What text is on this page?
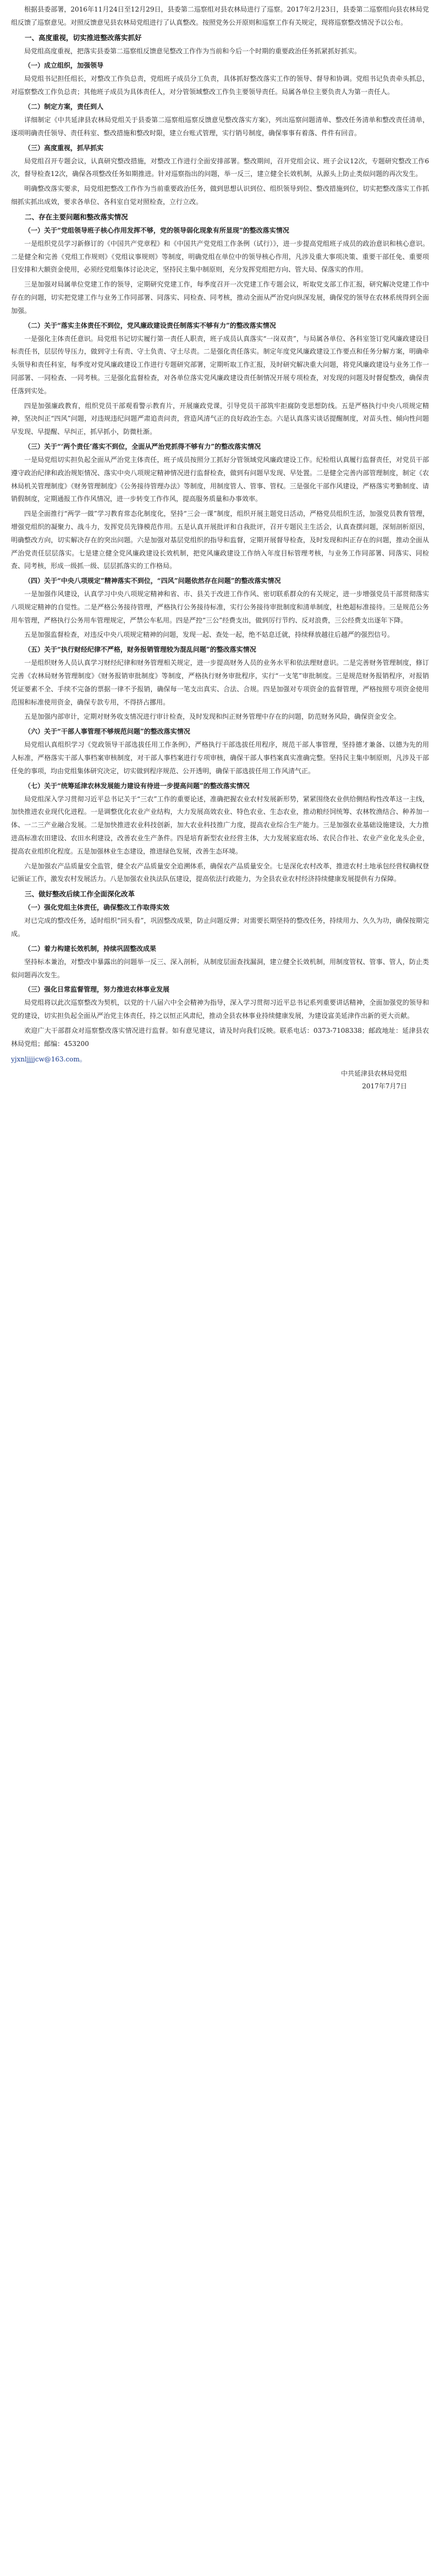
根据县委部署，2016年11月24日至12月29日，县委第二巡察组对县农林局进行了巡察。2017年2月23日，县委第二巡察组向县农林局党组反馈了巡察意见。对照反馈意见县农林局党组进行了认真整改。按照党务公开原则和巡察工作有关规定，现将巡察整改情况予以公布。

一、高度重视，切实推进整改落实抓好

局党组高度重视，把落实县委第二巡察组反馈意见整改工作作为当前和今后一个时期的重要政治任务抓紧抓好抓实。

（一）成立组织，加强领导

局党组书记担任组长，对整改工作负总责，党组班子成员分工负责，具体抓好整改落实工作的领导、督导和协调。党组书记负责牵头抓总，对巡察整改工作负总责；其他班子成员为具体责任人，对分管领域整改工作负主要领导责任。局属各单位主要负责人为第一责任人。

（二）制定方案，责任到人

详细制定《中共延津县农林局党组关于县委第二巡察组巡察反馈意见整改落实方案》，列出巡察问题清单、整改任务清单和整改责任清单，逐项明确责任领导、责任科室、整改措施和整改时限，建立台账式管理，实行销号制度，确保事事有着落、件件有回音。

（三）高度重视，抓早抓实

局党组召开专题会议，认真研究整改措施，对整改工作进行全面安排部署。整改期间，召开党组会议、班子会议12次，专题研究整改工作6次，督导检查12次，确保各项整改任务如期推进。针对巡察指出的问题，举一反三，建立健全长效机制，从源头上防止类似问题的再次发生。

明确整改落实要求，局党组把整改工作作为当前重要政治任务，做到思想认识到位、组织领导到位、整改措施到位，切实把整改落实工作抓细抓实抓出成效，要求各单位、各科室自觉对照检查，立行立改。

二、存在主要问题和整改落实情况
（一）关于“党组领导班子核心作用发挥不够，党的领导弱化现象有所显现”的整改落实情况

一是组织党员学习新修订的《中国共产党章程》和《中国共产党党组工作条例（试行）》，进一步提高党组班子成员的政治意识和核心意识。二是健全和完善《党组工作规则》《党组议事规则》等制度，明确党组在单位中的领导核心作用，凡涉及重大事项决策、重要干部任免、重要项目安排和大额资金使用，必须经党组集体讨论决定，坚持民主集中制原则，充分发挥党组把方向、管大局、保落实的作用。

三是加强对局属单位党建工作的领导，定期研究党建工作，每季度召开一次党建工作专题会议，听取党支部工作汇报，研究解决党建工作中存在的问题，切实把党建工作与业务工作同部署、同落实、同检查、同考核，推动全面从严治党向纵深发展，确保党的领导在农林系统得到全面加强。

（二）关于“落实主体责任不到位，党风廉政建设责任制落实不够有力”的整改落实情况

一是强化主体责任意识。局党组书记切实履行第一责任人职责，班子成员认真落实“一岗双责”，与局属各单位、各科室签订党风廉政建设目标责任书，层层传导压力，做到守土有责、守土负责、守土尽责。二是强化责任落实。制定年度党风廉政建设工作要点和任务分解方案，明确牵头领导和责任科室，每季度对党风廉政建设工作进行专题研究部署，定期听取工作汇报，及时研究解决重大问题，将党风廉政建设与业务工作一同部署、一同检查、一同考核。三是强化监督检查，对各单位落实党风廉政建设责任制情况开展专项检查，对发现的问题及时督促整改，确保责任落到实处。

四是加强廉政教育，组织党员干部观看警示教育片，开展廉政党课，引导党员干部筑牢拒腐防变思想防线。五是严格执行中央八项规定精神，坚决纠正“四风”问题，对违规违纪问题严肃追责问责，营造风清气正的良好政治生态。六是认真落实谈话提醒制度，对苗头性、倾向性问题早发现、早提醒、早纠正，抓早抓小，防微杜渐。

（三）关于“‘两个责任’落实不到位，全面从严治党抓得不够有力”的整改落实情况

一是局党组切实担负起全面从严治党主体责任，班子成员按照分工抓好分管领域党风廉政建设工作。纪检组认真履行监督责任，对党员干部遵守政治纪律和政治规矩情况、落实中央八项规定精神情况进行监督检查，做到有问题早发现、早处置。二是健全完善内部管理制度，制定《农林局机关管理制度》《财务管理制度》《公务接待管理办法》等制度，用制度管人、管事、管权。三是强化干部作风建设，严格落实考勤制度、请销假制度，定期通报工作作风情况，进一步转变工作作风，提高服务质量和办事效率。

四是全面推行“两学一做”学习教育常态化制度化，坚持“三会一课”制度，组织开展主题党日活动，严格党员组织生活，加强党员教育管理，增强党组织的凝聚力、战斗力，发挥党员先锋模范作用。五是认真开展批评和自我批评，召开专题民主生活会，认真查摆问题，深刻剖析原因，明确整改方向，切实解决存在的突出问题。六是加强对基层党组织的指导和监督，定期开展督导检查，及时发现和纠正存在的问题，推动全面从严治党责任层层落实。七是建立健全党风廉政建设长效机制，把党风廉政建设工作纳入年度目标管理考核，与业务工作同部署、同落实、同检查、同考核，形成一级抓一级、层层抓落实的工作格局。

（四）关于“中央八项规定”精神落实不到位，“四风”问题依然存在问题”的整改落实情况

一是加强作风建设，认真学习中央八项规定精神和省、市、县关于改进工作作风、密切联系群众的有关规定，进一步增强党员干部贯彻落实八项规定精神的自觉性。二是严格公务接待管理，严格执行公务接待标准，实行公务接待审批制度和清单制度，杜绝超标准接待。三是规范公务用车管理，严格执行公务用车管理规定，严禁公车私用。四是严控“三公”经费支出，做到厉行节约、反对浪费，三公经费支出逐年下降。

五是加强监督检查，对违反中央八项规定精神的问题，发现一起、查处一起，绝不姑息迁就，持续释放越往后越严的强烈信号。

（五）关于“执行财经纪律不严格，财务报销管理较为混乱问题”的整改落实情况

一是组织财务人员认真学习财经纪律和财务管理相关规定，进一步提高财务人员的业务水平和依法理财意识。二是完善财务管理制度，修订完善《农林局财务管理制度》《财务报销审批制度》等制度，严格执行财务审批程序，实行“一支笔”审批制度。三是规范财务报销程序，对报销凭证要素不全、手续不完备的票据一律不予报销，确保每一笔支出真实、合法、合规。四是加强对专项资金的监督管理，严格按照专项资金使用范围和标准使用资金，确保专款专用，不得挤占挪用。

五是加强内部审计，定期对财务收支情况进行审计检查，及时发现和纠正财务管理中存在的问题，防范财务风险，确保资金安全。

（六）关于“干部人事管理不够规范问题”的整改落实情况

局党组认真组织学习《党政领导干部选拔任用工作条例》，严格执行干部选拔任用程序，规范干部人事管理，坚持德才兼备、以德为先的用人标准，严格落实干部人事档案审核制度，对干部人事档案进行专项审核，确保干部人事档案真实准确完整。坚持民主集中制原则，凡涉及干部任免的事项，均由党组集体研究决定，切实做到程序规范、公开透明，确保干部选拔任用工作风清气正。

（七）关于“统筹延津农林发展能力建设有待进一步提高问题”的整改落实情况

局党组深入学习贯彻习近平总书记关于“三农”工作的重要论述，准确把握农业农村发展新形势，紧紧围绕农业供给侧结构性改革这一主线，加快推进农业现代化进程。一是调整优化农业产业结构，大力发展高效农业、特色农业、生态农业，推动粮经饲统筹、农林牧渔结合、种养加一体、一二三产业融合发展。二是加快推进农业科技创新，加大农业科技推广力度，提高农业综合生产能力。三是加强农业基础设施建设，大力推进高标准农田建设、农田水利建设，改善农业生产条件。四是培育新型农业经营主体，大力发展家庭农场、农民合作社、农业产业化龙头企业，提高农业组织化程度。五是加强林业生态建设，推进绿色发展，改善生态环境。

六是加强农产品质量安全监管，健全农产品质量安全追溯体系，确保农产品质量安全。七是深化农村改革，推进农村土地承包经营权确权登记颁证工作，激发农村发展活力。八是加强农业执法队伍建设，提高依法行政能力，为全县农业农村经济持续健康发展提供有力保障。

三、做好整改后续工作全面深化改革
（一）强化党组主体责任，确保整改工作取得实效

对已完成的整改任务，适时组织“回头看”，巩固整改成果，防止问题反弹；对需要长期坚持的整改任务，持续用力、久久为功，确保按期完成。

（二）着力构建长效机制，持续巩固整改成果

坚持标本兼治，对整改中暴露出的问题举一反三、深入剖析，从制度层面查找漏洞，建立健全长效机制，用制度管权、管事、管人，防止类似问题再次发生。

（三）强化日常监督管理，努力推进农林事业发展

局党组将以此次巡察整改为契机，以党的十八届六中全会精神为指导，深入学习贯彻习近平总书记系列重要讲话精神，全面加强党的领导和党的建设，切实担负起全面从严治党主体责任，持之以恒正风肃纪，推动全县农林事业持续健康发展，为建设富美延津作出新的更大贡献。

欢迎广大干部群众对巡察整改落实情况进行监督。如有意见建议，请及时向我们反映。联系电话：0373-7108338；邮政地址：延津县农林局党组；邮编：453200

yjxnljjjjcw@163.com。

中共延津县农林局党组

2017年7月7日
